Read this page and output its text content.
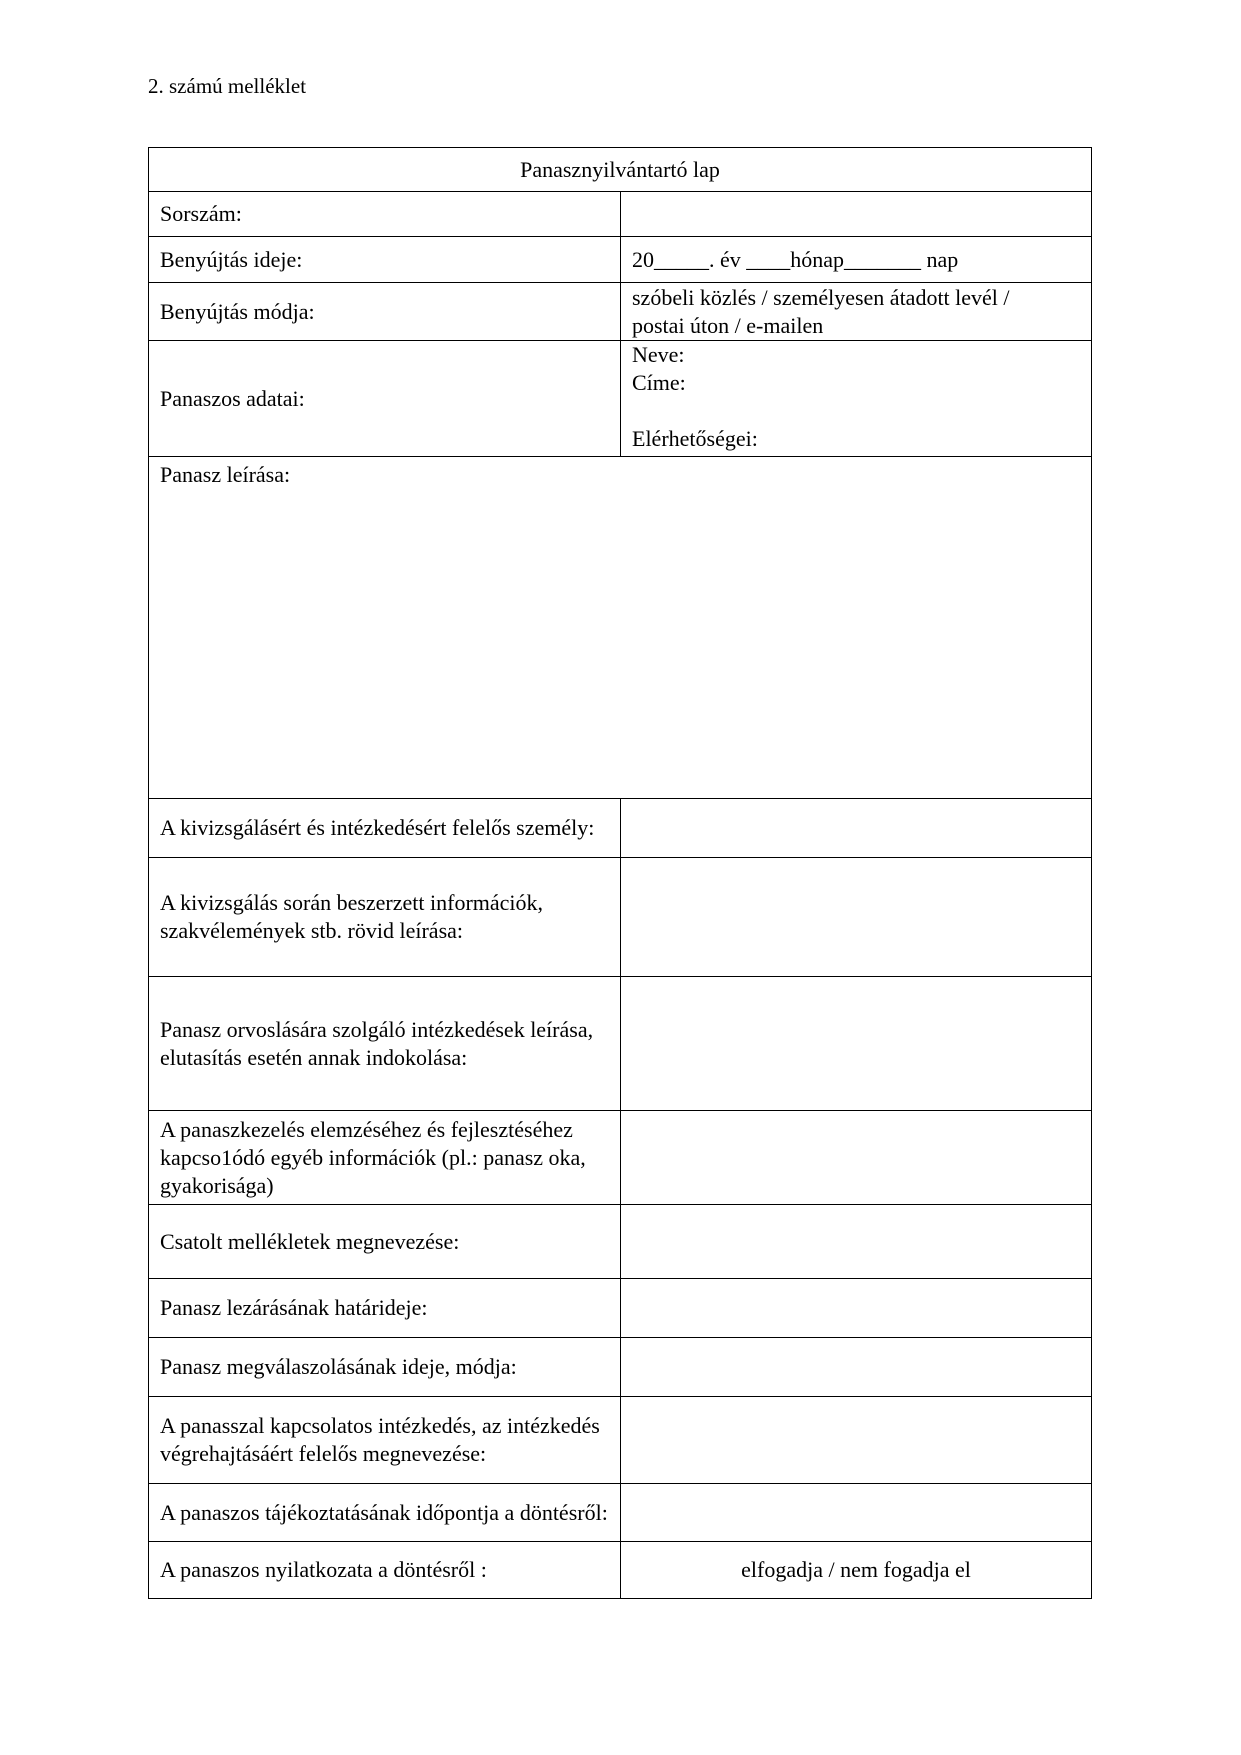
2. számú melléklet
Panasznyilvántartó lap	
Sorszám:	
Benyújtás ideje:	20_____. év ____hónap_______ nap
Benyújtás módja:	szóbeli közlés / személyesen átadott levél /
postai úton / e-mailen

Panaszos adatai:	Neve:
Címe:
Elérhetőségei:

Panasz leírása:	
A kivizsgálásért és intézkedésért felelős személy:	
A kivizsgálás során beszerzett információk, szakvélemények stb. rövid leírása:	
Panasz orvoslására szolgáló intézkedések leírása, elutasítás esetén annak indokolása:	
A panaszkezelés elemzéséhez és fejlesztéséhez kapcso1ódó egyéb információk (pl.: panasz oka, gyakorisága)	
Csatolt mellékletek megnevezése:	
Panasz lezárásának határideje:	
Panasz megválaszolásának ideje, módja:	
A panasszal kapcsolatos intézkedés, az intézkedés végrehajtásáért felelős megnevezése:	
A panaszos tájékoztatásának időpontja a döntésről:	
A panaszos nyilatkozata a döntésről :	elfogadja / nem fogadja el
